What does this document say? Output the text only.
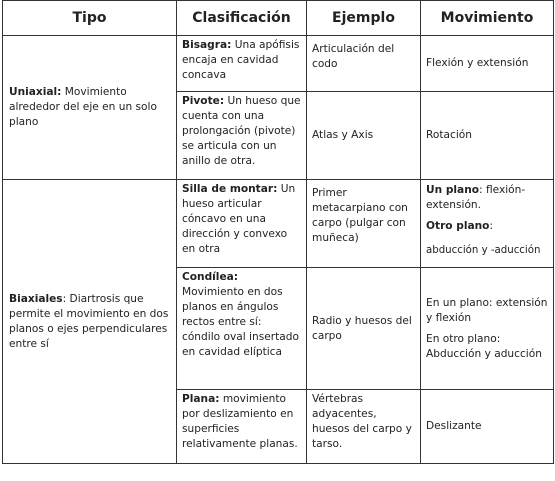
Tipo	Clasificación	Ejemplo	Movimiento
Uniaxial: Movimiento alrededor del eje en un solo plano	Bisagra: Una apófisis encaja en cavidad concava	Articulación del codo	Flexión y extensión
	Pivote: Un hueso que cuenta con una prolongación (pivote) se articula con un anillo de otra.	Atlas y Axis	Rotación
Biaxiales: Diartrosis que permite el movimiento en dos planos o ejes perpendiculares entre sí	Silla de montar: Un hueso articular cóncavo en una dirección y convexo en otra	Primer metacarpiano con carpo (pulgar con muñeca)	Un plano: flexión-extensión.
Otro plano:
abducción y -aducción

	Condílea: Movimiento en dos planos en ángulos rectos entre sí: cóndilo oval insertado en cavidad elíptica	Radio y huesos del carpo	En un plano: extensión y flexión
En otro plano: Abducción y aducción

	Plana: movimiento por deslizamiento en superficies relativamente planas.	Vértebras adyacentes, huesos del carpo y tarso.	Deslizante
